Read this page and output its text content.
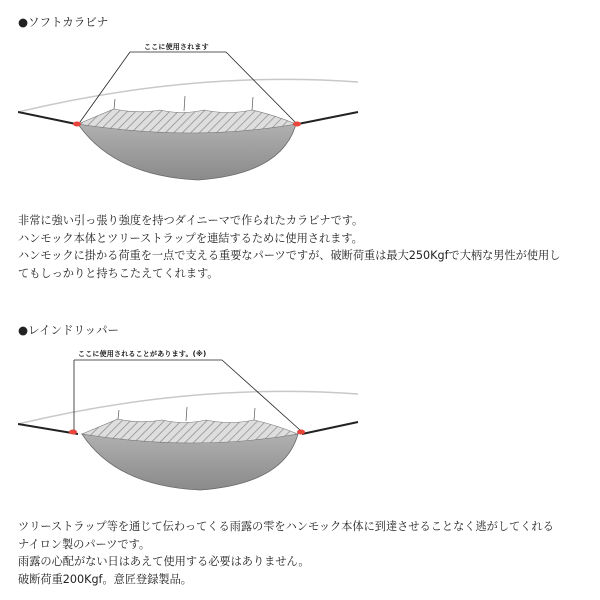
●ソフトカラビナ
ここに使用されます
非常に強い引っ張り強度を持つダイニーマで作られたカラビナです。
ハンモック本体とツリーストラップを連結するために使用されます。
ハンモックに掛かる荷重を一点で支える重要なパーツですが、破断荷重は最大250Kgfで大柄な男性が使用し
てもしっかりと持ちこたえてくれます。
●レインドリッパー
ここに使用されることがあります。(※)
ツリーストラップ等を通じて伝わってくる雨露の雫をハンモック本体に到達させることなく逃がしてくれる
ナイロン製のパーツです。
雨露の心配がない日はあえて使用する必要はありません。
破断荷重200Kgf。意匠登録製品。
